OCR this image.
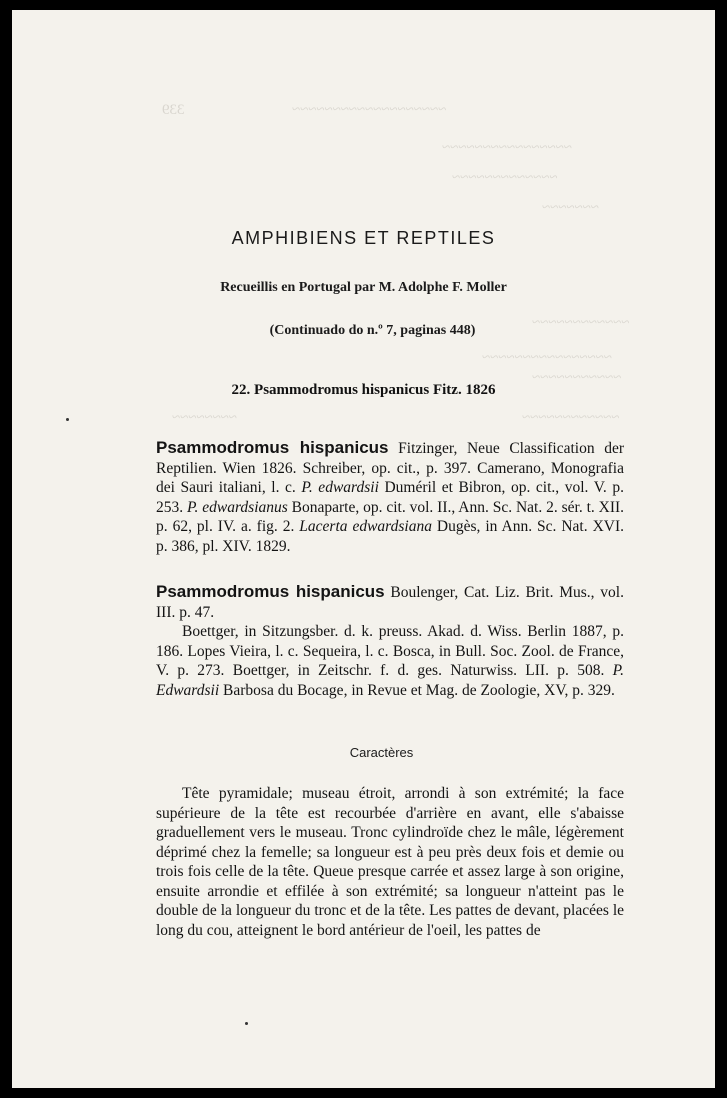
339	~~~~~~~~~~~~~~~~~~~
~~~~~~~~~~~~~~~~
~~~~~~~~~~~~~
~~~~~~~
~~~~~~~~~~~~
~~~~~~~~~~~~~~~~
~~~~~~~~~~~
~~~~~~~~	~~~~~~~~~~~~
AMPHIBIENS ET REPTILES
Recueillis en Portugal par M. Adolphe F. Moller
(Continuado do n.º 7, paginas 448)
22. Psammodromus hispanicus Fitz. 1826

Psammodromus hispanicus Fitzinger, Neue Classification der Reptilien. Wien 1826. Schreiber, op. cit., p. 397. Camerano, Monografia dei Sauri italiani, l. c. P. edwardsii Duméril et Bibron, op. cit., vol. V. p. 253. P. edwardsianus Bonaparte, op. cit. vol. II., Ann. Sc. Nat. 2. sér. t. XII. p. 62, pl. IV. a. fig. 2. Lacerta edwardsiana Dugès, in Ann. Sc. Nat. XVI. p. 386, pl. XIV. 1829.

Psammodromus hispanicus Boulenger, Cat. Liz. Brit. Mus., vol. III. p. 47.

Boettger, in Sitzungsber. d. k. preuss. Akad. d. Wiss. Berlin 1887, p. 186. Lopes Vieira, l. c. Sequeira, l. c. Bosca, in Bull. Soc. Zool. de France, V. p. 273. Boettger, in Zeitschr. f. d. ges. Naturwiss. LII. p. 508. P. Edwardsii Barbosa du Bocage, in Revue et Mag. de Zoologie, XV, p. 329.

Caractères

Tête pyramidale; museau étroit, arrondi à son extrémité; la face supérieure de la tête est recourbée d'arrière en avant, elle s'abaisse graduellement vers le museau. Tronc cylindroïde chez le mâle, légèrement déprimé chez la femelle; sa longueur est à peu près deux fois et demie ou trois fois celle de la tête. Queue presque carrée et assez large à son origine, ensuite arrondie et effilée à son extrémité; sa longueur n'atteint pas le double de la longueur du tronc et de la tête. Les pattes de devant, placées le long du cou, atteignent le bord antérieur de l'oeil, les pattes de
